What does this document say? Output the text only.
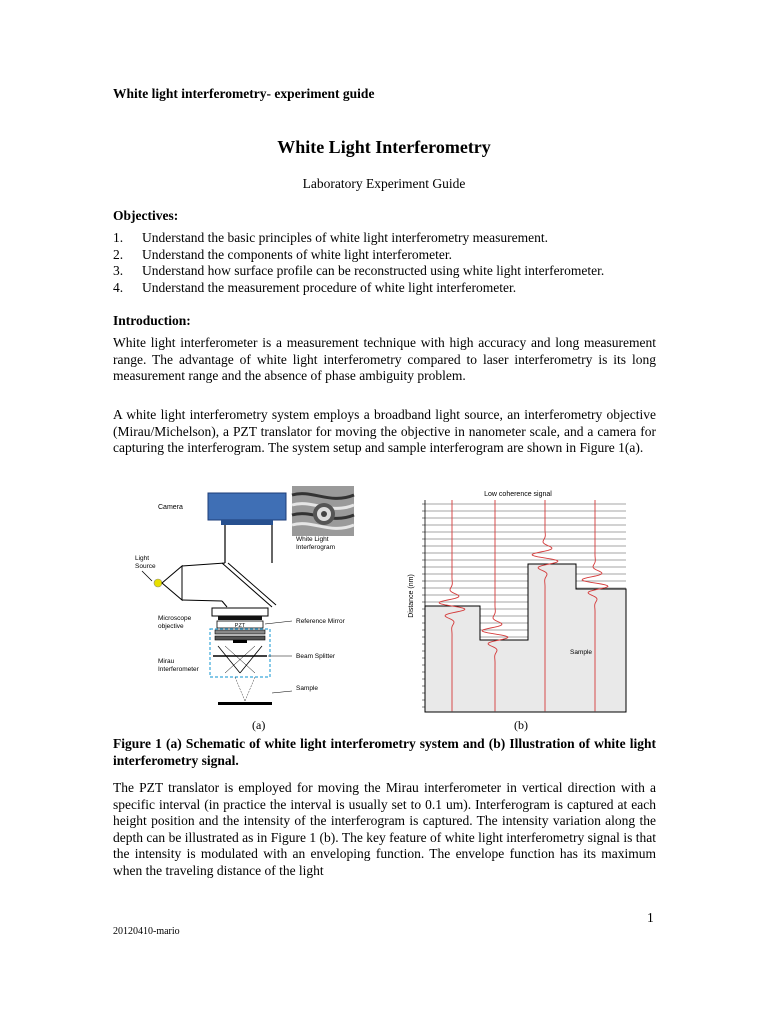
White light interferometry- experiment guide
White Light Interferometry
Laboratory Experiment Guide
Objectives:
1. Understand the basic principles of white light interferometry measurement.
2. Understand the components of white light interferometer.
3. Understand how surface profile can be reconstructed using white light interferometer.
4. Understand the measurement procedure of white light interferometer.
Introduction:

White light interferometer is a measurement technique with high accuracy and long measurement range. The advantage of white light interferometry compared to laser interferometry is its long measurement range and the absence of phase ambiguity problem.

A white light interferometry system employs a broadband light source, an interferometry objective (Mirau/Michelson), a PZT translator for moving the objective in nanometer scale, and a camera for capturing the interferogram. The system setup and sample interferogram are shown in Figure 1(a).

Camera
White Light
Interferogram
Light
Source
Microscope
objective	PZT
Reference Mirror
Mirau
Interferometer
Beam Splitter
Sample
(a)
Low coherence signal
Distance (nm)
Sample
(b)

Figure 1 (a) Schematic of white light interferometry system and (b) Illustration of white light interferometry signal.

The PZT translator is employed for moving the Mirau interferometer in vertical direction with a specific interval (in practice the interval is usually set to 0.1 um). Interferogram is captured at each height position and the intensity of the interferogram is captured. The intensity variation along the depth can be illustrated as in Figure 1 (b). The key feature of white light interferometry signal is that the intensity is modulated with an enveloping function. The envelope function has its maximum when the traveling distance of the light

1
20120410-mario
